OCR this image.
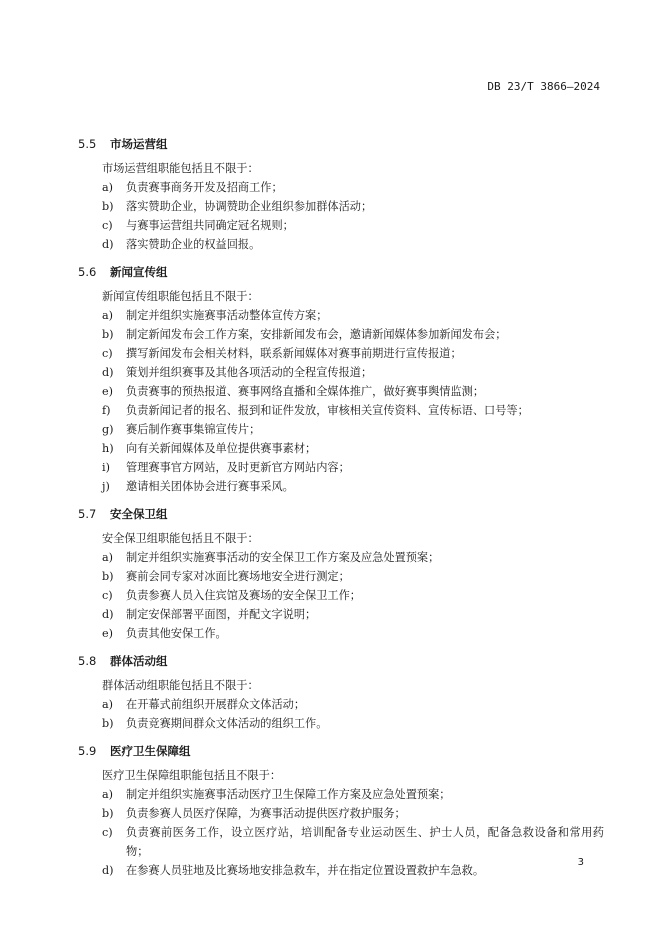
DB 23/T 3866—2024
5.5	市场运营组
市场运营组职能包括且不限于：
a)	负责赛事商务开发及招商工作；
b)	落实赞助企业，协调赞助企业组织参加群体活动；
c)	与赛事运营组共同确定冠名规则；
d)	落实赞助企业的权益回报。
5.6	新闻宣传组
新闻宣传组职能包括且不限于：
a)	制定并组织实施赛事活动整体宣传方案；
b)	制定新闻发布会工作方案，安排新闻发布会，邀请新闻媒体参加新闻发布会；
c)	撰写新闻发布会相关材料，联系新闻媒体对赛事前期进行宣传报道；
d)	策划并组织赛事及其他各项活动的全程宣传报道；
e)	负责赛事的预热报道、赛事网络直播和全媒体推广，做好赛事舆情监测；
f)	负责新闻记者的报名、报到和证件发放，审核相关宣传资料、宣传标语、口号等；
g)	赛后制作赛事集锦宣传片；
h)	向有关新闻媒体及单位提供赛事素材；
i)	管理赛事官方网站，及时更新官方网站内容；
j)	邀请相关团体协会进行赛事采风。
5.7	安全保卫组
安全保卫组职能包括且不限于：
a)	制定并组织实施赛事活动的安全保卫工作方案及应急处置预案；
b)	赛前会同专家对冰面比赛场地安全进行测定；
c)	负责参赛人员入住宾馆及赛场的安全保卫工作；
d)	制定安保部署平面图，并配文字说明；
e)	负责其他安保工作。
5.8	群体活动组
群体活动组职能包括且不限于：
a)	在开幕式前组织开展群众文体活动；
b)	负责竞赛期间群众文体活动的组织工作。
5.9	医疗卫生保障组
医疗卫生保障组职能包括且不限于：
a)	制定并组织实施赛事活动医疗卫生保障工作方案及应急处置预案；
b)	负责参赛人员医疗保障，为赛事活动提供医疗救护服务；
c)	负责赛前医务工作，设立医疗站，培训配备专业运动医生、护士人员，配备急救设备和常用药物；
d)	在参赛人员驻地及比赛场地安排急救车，并在指定位置设置救护车急救。
3
